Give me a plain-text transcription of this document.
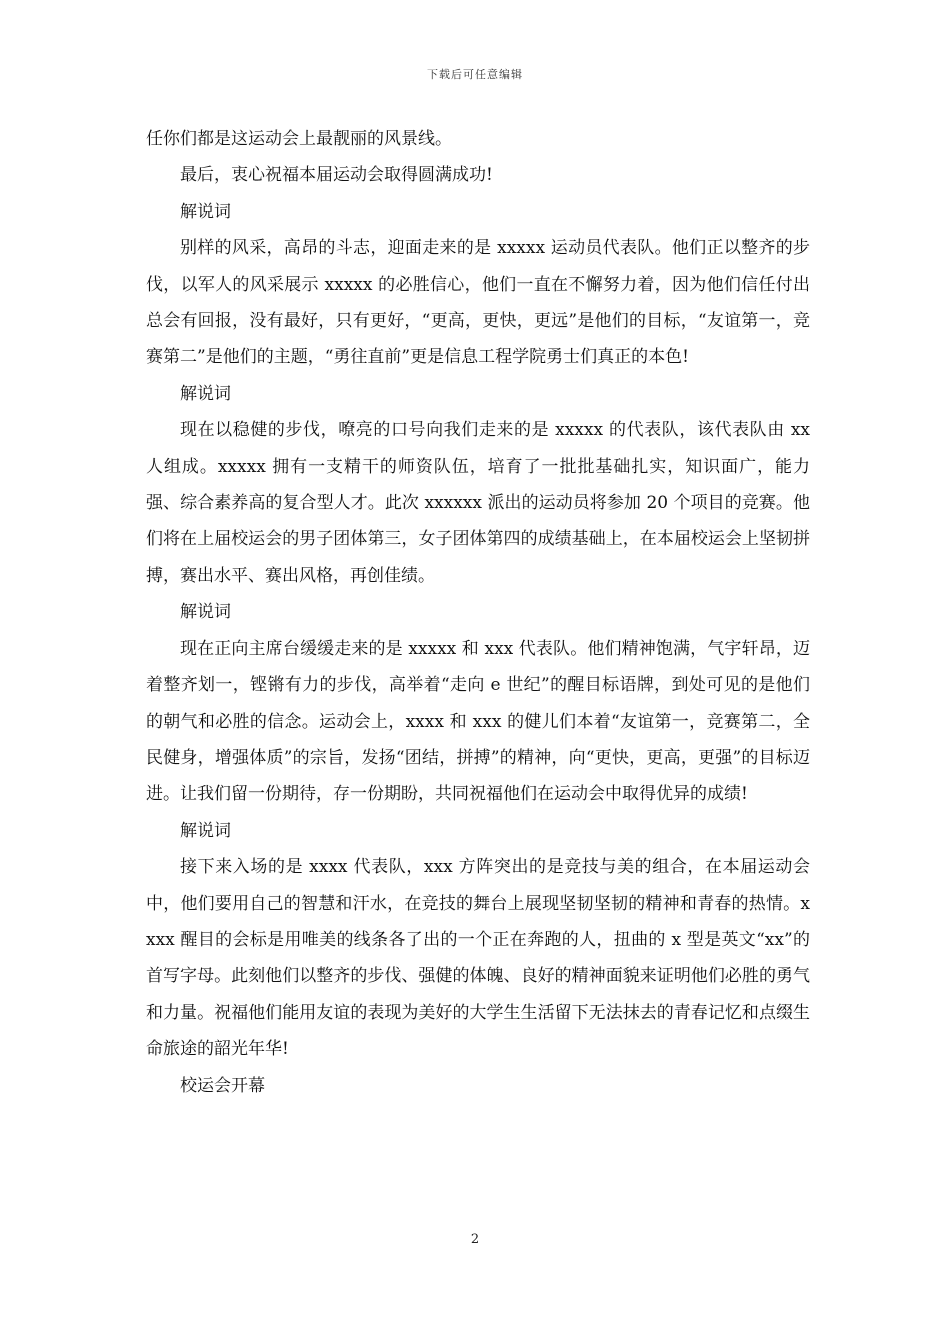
下载后可任意编辑

任你们都是这运动会上最靓丽的风景线。

最后，衷心祝福本届运动会取得圆满成功!

解说词

别样的风采，高昂的斗志，迎面走来的是 xxxxx 运动员代表队。他们正以整齐的步伐，以军人的风采展示 xxxxx 的必胜信心，他们一直在不懈努力着，因为他们信任付出总会有回报，没有最好，只有更好，“更高，更快，更远”是他们的目标，“友谊第一，竞赛第二”是他们的主题，“勇往直前”更是信息工程学院勇士们真正的本色!

解说词

现在以稳健的步伐，嘹亮的口号向我们走来的是 xxxxx 的代表队，该代表队由 xx 人组成。xxxxx 拥有一支精干的师资队伍，培育了一批批基础扎实，知识面广，能力强、综合素养高的复合型人才。此次 xxxxxx 派出的运动员将参加 20 个项目的竞赛。他们将在上届校运会的男子团体第三，女子团体第四的成绩基础上，在本届校运会上坚韧拼搏，赛出水平、赛出风格，再创佳绩。

解说词

现在正向主席台缓缓走来的是 xxxxx 和 xxx 代表队。他们精神饱满，气宇轩昂，迈着整齐划一，铿锵有力的步伐，高举着“走向 e 世纪”的醒目标语牌，到处可见的是他们的朝气和必胜的信念。运动会上，xxxx 和 xxx 的健儿们本着“友谊第一，竞赛第二，全民健身，增强体质”的宗旨，发扬“团结，拼搏”的精神，向“更快，更高，更强”的目标迈进。让我们留一份期待，存一份期盼，共同祝福他们在运动会中取得优异的成绩!

解说词

接下来入场的是 xxxx 代表队，xxx 方阵突出的是竞技与美的组合，在本届运动会中，他们要用自己的智慧和汗水，在竞技的舞台上展现坚韧坚韧的精神和青春的热情。xxxx 醒目的会标是用唯美的线条各了出的一个正在奔跑的人，扭曲的 x 型是英文“xx”的首写字母。此刻他们以整齐的步伐、强健的体魄、良好的精神面貌来证明他们必胜的勇气和力量。祝福他们能用友谊的表现为美好的大学生生活留下无法抹去的青春记忆和点缀生命旅途的韶光年华!

校运会开幕

2
